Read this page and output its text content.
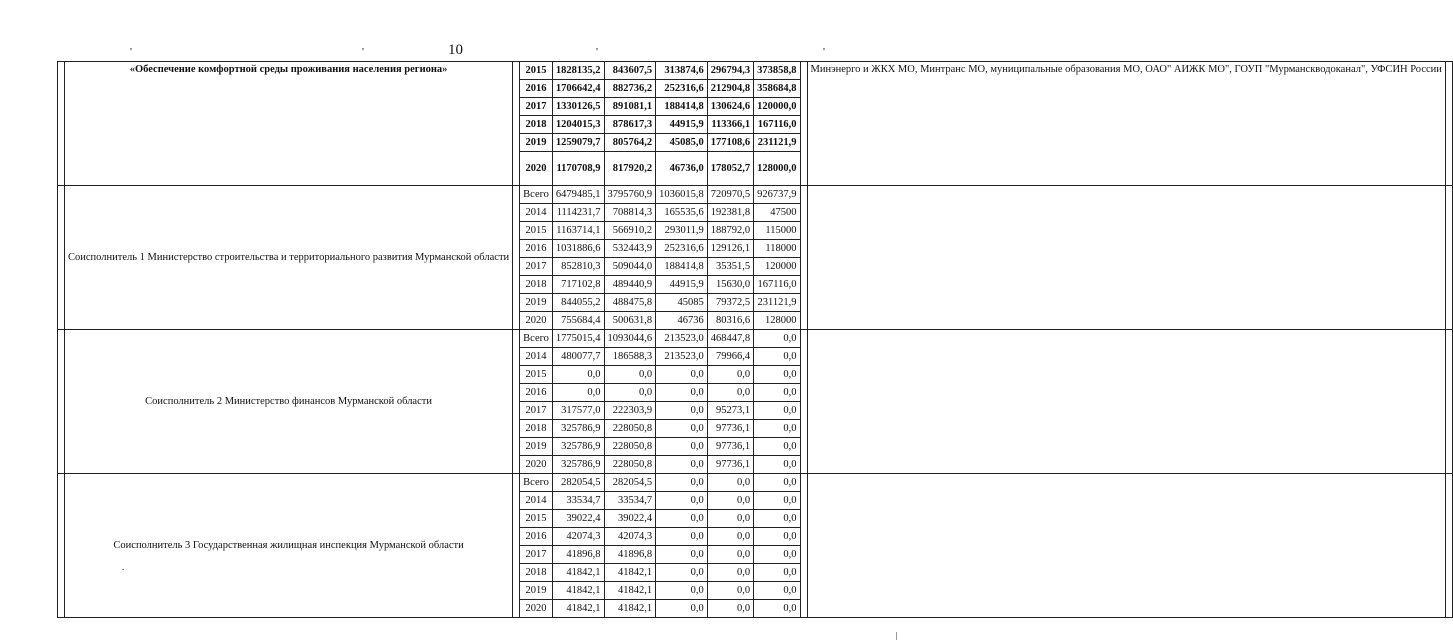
10
'	'	'	'
	«Обеспечение комфортной среды проживания населения региона»		2015	1828135,2	843607,5	313874,6	296794,3	373858,8		Минэнерго и ЖКХ МО, Минтранс МО, муниципальные образования МО, ОАО" АИЖК МО", ГОУП "Мурманскводоканал", УФСИН России	
			2016	1706642,4	882736,2	252316,6	212904,8	358684,8			
			2017	1330126,5	891081,1	188414,8	130624,6	120000,0			
			2018	1204015,3	878617,3	44915,9	113366,1	167116,0			
			2019	1259079,7	805764,2	45085,0	177108,6	231121,9			
			2020	1170708,9	817920,2	46736,0	178052,7	128000,0			
	Соисполнитель 1 Министерство строительства и территориального развития Мурманской области		Всего	6479485,1	3795760,9	1036015,8	720970,5	926737,9			
			2014	1114231,7	708814,3	165535,6	192381,8	47500			
			2015	1163714,1	566910,2	293011,9	188792,0	115000			
			2016	1031886,6	532443,9	252316,6	129126,1	118000			
			2017	852810,3	509044,0	188414,8	35351,5	120000			
			2018	717102,8	489440,9	44915,9	15630,0	167116,0			
			2019	844055,2	488475,8	45085	79372,5	231121,9			
			2020	755684,4	500631,8	46736	80316,6	128000			
	Соисполнитель 2 Министерство финансов Мурманской области		Всего	1775015,4	1093044,6	213523,0	468447,8	0,0			
			2014	480077,7	186588,3	213523,0	79966,4	0,0			
			2015	0,0	0,0	0,0	0,0	0,0			
			2016	0,0	0,0	0,0	0,0	0,0			
			2017	317577,0	222303,9	0,0	95273,1	0,0			
			2018	325786,9	228050,8	0,0	97736,1	0,0			
			2019	325786,9	228050,8	0,0	97736,1	0,0			
			2020	325786,9	228050,8	0,0	97736,1	0,0			
	Соисполнитель 3 Государственная жилищная инспекция Мурманской области		Всего	282054,5	282054,5	0,0	0,0	0,0			
			2014	33534,7	33534,7	0,0	0,0	0,0			
			2015	39022,4	39022,4	0,0	0,0	0,0			
			2016	42074,3	42074,3	0,0	0,0	0,0			
			2017	41896,8	41896,8	0,0	0,0	0,0			
			2018	41842,1	41842,1	0,0	0,0	0,0			
			2019	41842,1	41842,1	0,0	0,0	0,0			
			2020	41842,1	41842,1	0,0	0,0	0,0			
.
